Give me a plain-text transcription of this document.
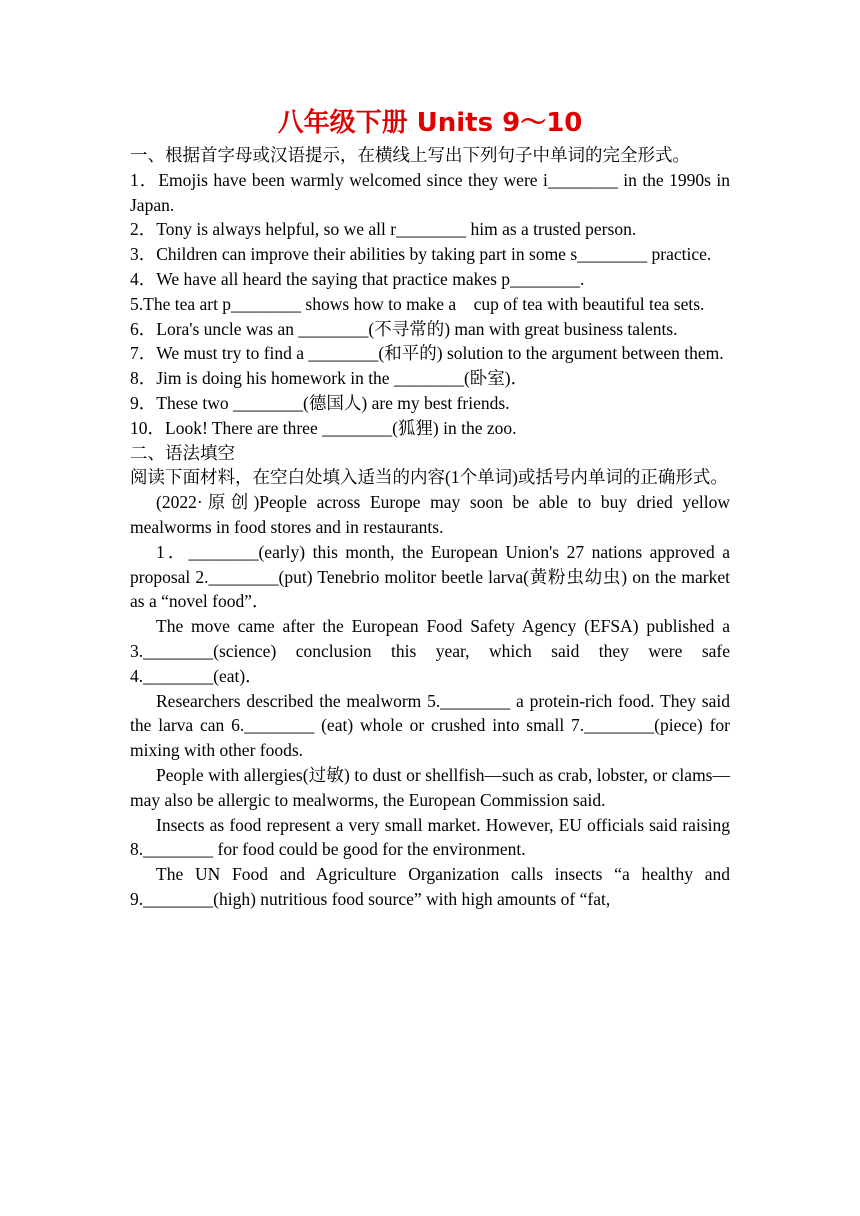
八年级下册 Units 9～10
一、根据首字母或汉语提示，在横线上写出下列句子中单词的完全形式。
1．Emojis have been warmly welcomed since they were i________ in the 1990s in Japan.
2．Tony is always helpful, so we all r________ him as a trusted person.
3．Children can improve their abilities by taking part in some s________ practice.
4．We have all heard the saying that practice makes p________.
5.The tea art p________ shows how to make a　cup of tea with beautiful tea sets.
6．Lora's uncle was an ________(不寻常的) man with great business talents.
7．We must try to find a ________(和平的) solution to the argument between them.
8．Jim is doing his homework in the ________(卧室)．
9．These two ________(德国人) are my best friends.
10．Look! There are three ________(狐狸) in the zoo.
二、语法填空
阅读下面材料，在空白处填入适当的内容(1个单词)或括号内单词的正确形式。
(2022·原创)People across Europe may soon be able to buy dried yellow mealworms in food stores and in restaurants.
1．________(early) this month, the European Union's 27 nations approved a proposal 2.________(put) Tenebrio molitor beetle larva(黄粉虫幼虫) on the market as a “novel food”．
The move came after the European Food Safety Agency (EFSA) published a 3.________(science) conclusion this year, which said they were safe 4.________(eat)．
Researchers described the mealworm 5.________ a protein-rich food. They said the larva can 6.________ (eat) whole or crushed into small 7.________(piece) for mixing with other foods.
People with allergies(过敏) to dust or shellfish—such as crab, lobster, or clams—may also be allergic to mealworms, the European Commission said.
Insects as food represent a very small market. However, EU officials said raising 8.________ for food could be good for the environment.
The UN Food and Agriculture Organization calls insects “a healthy and 9.________(high) nutritious food source” with high amounts of “fat,
